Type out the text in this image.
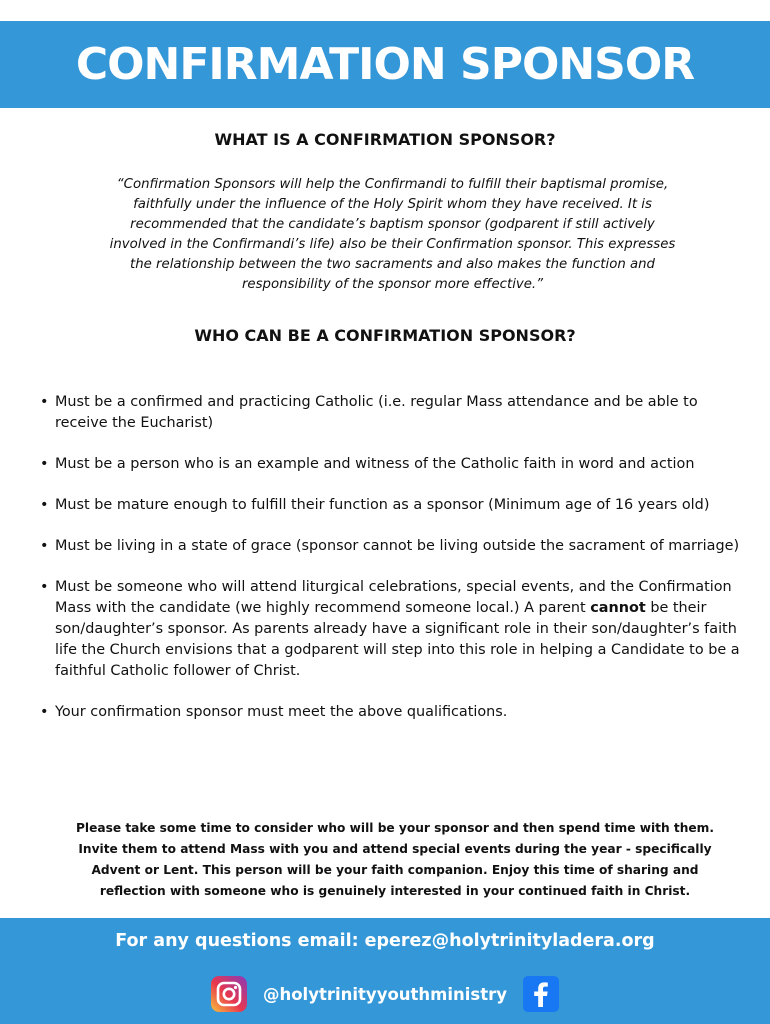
CONFIRMATION SPONSOR
WHAT IS A CONFIRMATION SPONSOR?

“Confirmation Sponsors will help the Confirmandi to fulfill their baptismal promise, faithfully under the influence of the Holy Spirit whom they have received. It is recommended that the candidate’s baptism sponsor (godparent if still actively involved in the Confirmandi’s life) also be their Confirmation sponsor. This expresses the relationship between the two sacraments and also makes the function and responsibility of the sponsor more effective.”

WHO CAN BE A CONFIRMATION SPONSOR?
• Must be a confirmed and practicing Catholic (i.e. regular Mass attendance and be able to receive the Eucharist)
• Must be a person who is an example and witness of the Catholic faith in word and action
• Must be mature enough to fulfill their function as a sponsor (Minimum age of 16 years old)
• Must be living in a state of grace (sponsor cannot be living outside the sacrament of marriage)
• Must be someone who will attend liturgical celebrations, special events, and the Confirmation Mass with the candidate (we highly recommend someone local.) A parent cannot be their son/daughter’s sponsor. As parents already have a significant role in their son/daughter’s faith life the Church envisions that a godparent will step into this role in helping a Candidate to be a faithful Catholic follower of Christ.
• Your confirmation sponsor must meet the above qualifications.

Please take some time to consider who will be your sponsor and then spend time with them. Invite them to attend Mass with you and attend special events during the year - specifically Advent or Lent. This person will be your faith companion. Enjoy this time of sharing and reflection with someone who is genuinely interested in your continued faith in Christ.

For any questions email: eperez@holytrinityladera.org
@holytrinityyouthministry
